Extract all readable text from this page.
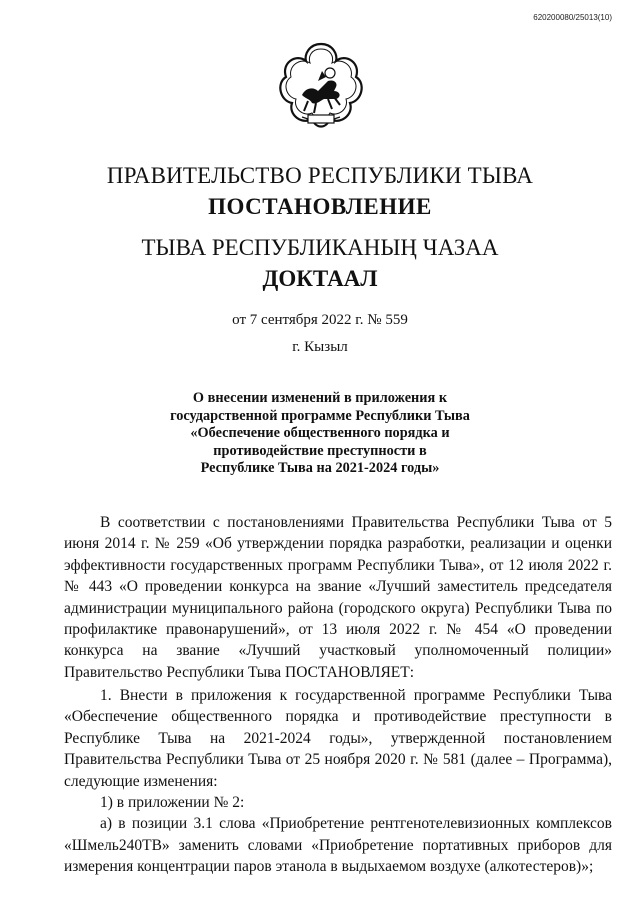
620200080/25013(10)
ПРАВИТЕЛЬСТВО РЕСПУБЛИКИ ТЫВА
ПОСТАНОВЛЕНИЕ
ТЫВА РЕСПУБЛИКАНЫҢ ЧАЗАА
ДОКТААЛ
от 7 сентября 2022 г. № 559
г. Кызыл
О внесении изменений в приложения к
государственной программе Республики Тыва
«Обеспечение общественного порядка и
противодействие преступности в
Республике Тыва на 2021-2024 годы»

В соответствии с постановлениями Правительства Республики Тыва от 5 июня 2014 г. № 259 «Об утверждении порядка разработки, реализации и оценки эффективности государственных программ Республики Тыва», от 12 июля 2022 г. № 443 «О проведении конкурса на звание «Лучший заместитель председателя администрации муниципального района (городского округа) Республики Тыва по профилактике правонарушений», от 13 июля 2022 г. № 454 «О проведении конкурса на звание «Лучший участковый уполномоченный полиции» Правительство Республики Тыва ПОСТАНОВЛЯЕТ:

1. Внести в приложения к государственной программе Республики Тыва «Обеспечение общественного порядка и противодействие преступности в Республике Тыва на 2021-2024 годы», утвержденной постановлением Правительства Республики Тыва от 25 ноября 2020 г. № 581 (далее – Программа), следующие изменения:

1) в приложении № 2:

а) в позиции 3.1 слова «Приобретение рентгенотелевизионных комплексов «Шмель240ТВ» заменить словами «Приобретение портативных приборов для измерения концентрации паров этанола в выдыхаемом воздухе (алкотестеров)»;
